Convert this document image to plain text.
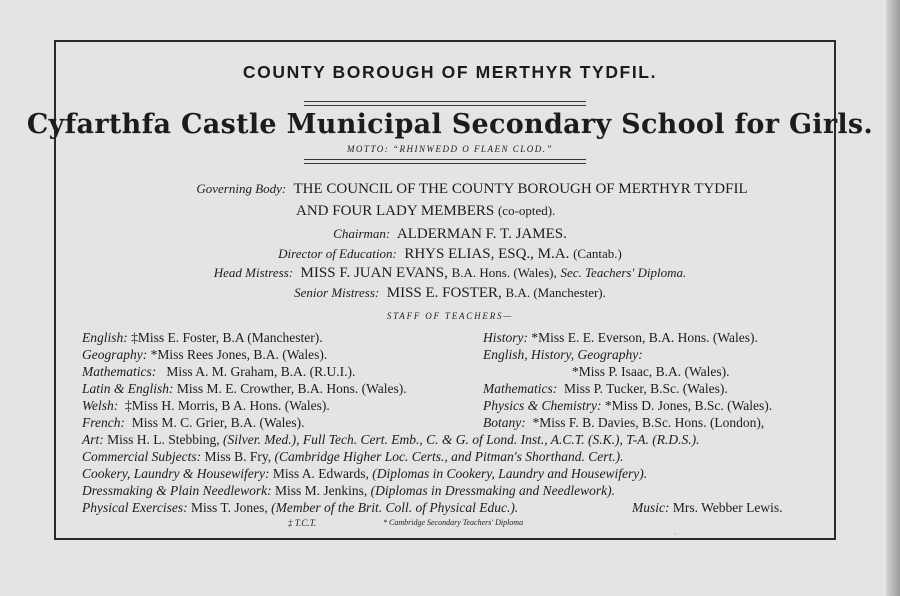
COUNTY BOROUGH OF MERTHYR TYDFIL.
Cyfarthfa Castle Municipal Secondary School for Girls.
MOTTO: “RHINWEDD O FLAEN CLOD.”
Governing Body: THE COUNCIL OF THE COUNTY BOROUGH OF MERTHYR TYDFIL
AND FOUR LADY MEMBERS (co-opted).
Chairman: ALDERMAN F. T. JAMES.
Director of Education: RHYS ELIAS, ESQ., M.A. (Cantab.)
Head Mistress: MISS F. JUAN EVANS, B.A. Hons. (Wales), Sec. Teachers' Diploma.
Senior Mistress: MISS E. FOSTER, B.A. (Manchester).
STAFF OF TEACHERS—
English: ‡Miss E. Foster, B.A (Manchester).
Geography: *Miss Rees Jones, B.A. (Wales).
Mathematics: Miss A. M. Graham, B.A. (R.U.I.).
Latin & English: Miss M. E. Crowther, B.A. Hons. (Wales).
Welsh: ‡Miss H. Morris, B A. Hons. (Wales).
French: Miss M. C. Grier, B.A. (Wales).
History: *Miss E. E. Everson, B.A. Hons. (Wales).
English, History, Geography:
*Miss P. Isaac, B.A. (Wales).
Mathematics: Miss P. Tucker, B.Sc. (Wales).
Physics & Chemistry: *Miss D. Jones, B.Sc. (Wales).
Botany: *Miss F. B. Davies, B.Sc. Hons. (London),
Art: Miss H. L. Stebbing, (Silver. Med.), Full Tech. Cert. Emb., C. & G. of Lond. Inst., A.C.T. (S.K.), T-A. (R.D.S.).
Commercial Subjects: Miss B. Fry, (Cambridge Higher Loc. Certs., and Pitman's Shorthand. Cert.).
Cookery, Laundry & Housewifery: Miss A. Edwards, (Diplomas in Cookery, Laundry and Housewifery).
Dressmaking & Plain Needlework: Miss M. Jenkins, (Diplomas in Dressmaking and Needlework).
Physical Exercises: Miss T. Jones, (Member of the Brit. Coll. of Physical Educ.).	Music: Mrs. Webber Lewis.
‡ T.C.T.	* Cambridge Secondary Teachers' Diploma
·
